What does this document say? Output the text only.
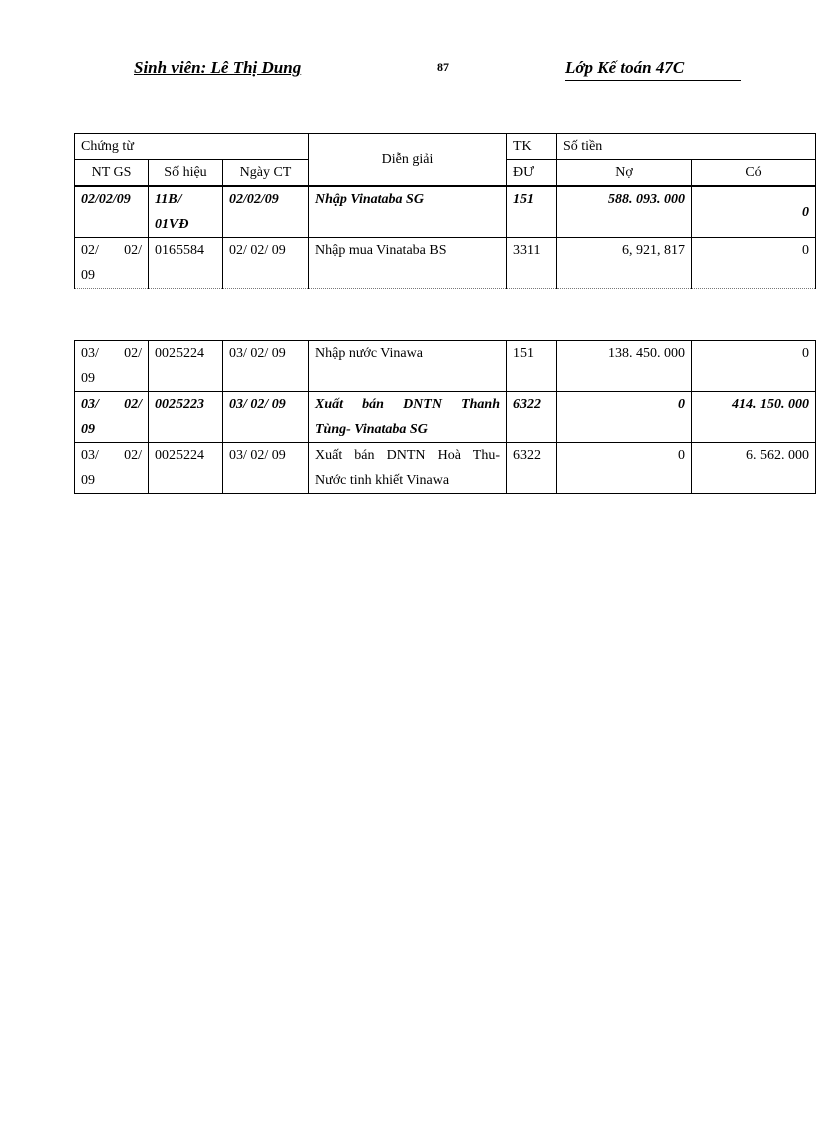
Sinh viên: Lê Thị Dung	87	Lớp Kế toán 47C
Chứng từ			Diễn giải	TK	Số tiền	
NT GS	Số hiệu	Ngày CT		ĐƯ	Nợ	Có
02/02/09	11B/
01VĐ	02/02/09	Nhập Vinataba SG	151	588. 093. 000	0

02/ 02/
09	0165584	02/ 02/ 09	Nhập mua Vinataba BS	3311	6, 921, 817	0
03/ 02/
09	0025224	03/ 02/ 09	Nhập nước Vinawa	151	138. 450. 000	0

03/ 02/
09	0025223	03/ 02/ 09	Xuất bán DNTN Thanh
Tùng- Vinataba SG	6322	0	414. 150. 000

03/ 02/
09	0025224	03/ 02/ 09	Xuất bán DNTN Hoà Thu-
Nước tinh khiết Vinawa	6322	0	6. 562. 000
